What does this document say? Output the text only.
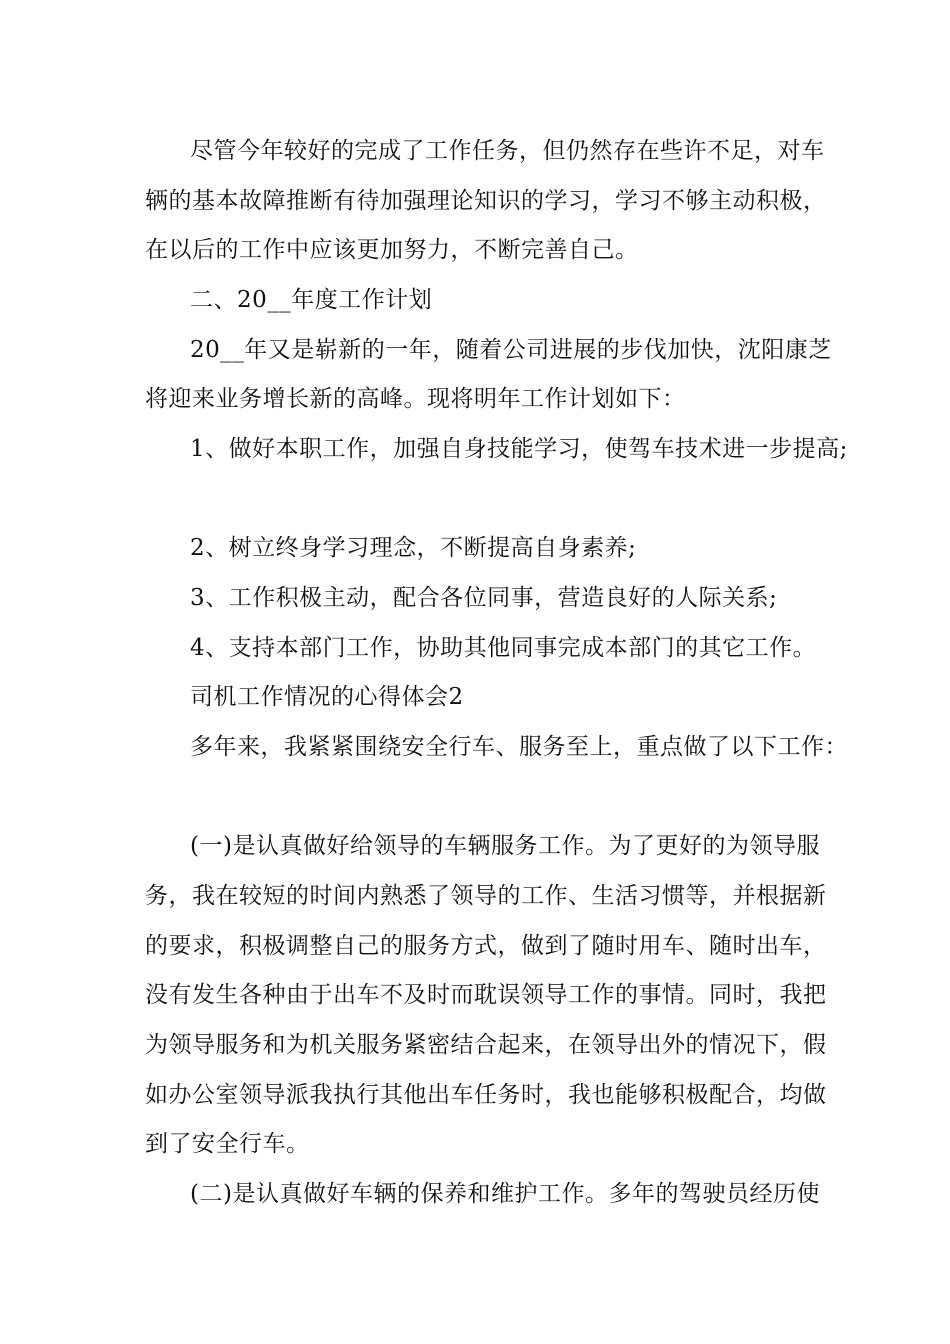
尽管今年较好的完成了工作任务，但仍然存在些许不足，对车
辆的基本故障推断有待加强理论知识的学习，学习不够主动积极，
在以后的工作中应该更加努力，不断完善自己。
二、20__年度工作计划
20__年又是崭新的一年，随着公司进展的步伐加快，沈阳康芝
将迎来业务增长新的高峰。现将明年工作计划如下：
1、做好本职工作，加强自身技能学习，使驾车技术进一步提高;
2、树立终身学习理念，不断提高自身素养;
3、工作积极主动，配合各位同事，营造良好的人际关系;
4、支持本部门工作，协助其他同事完成本部门的其它工作。
司机工作情况的心得体会2
多年来，我紧紧围绕安全行车、服务至上，重点做了以下工作：
(一)是认真做好给领导的车辆服务工作。为了更好的为领导服
务，我在较短的时间内熟悉了领导的工作、生活习惯等，并根据新
的要求，积极调整自己的服务方式，做到了随时用车、随时出车，
没有发生各种由于出车不及时而耽误领导工作的事情。同时，我把
为领导服务和为机关服务紧密结合起来，在领导出外的情况下，假
如办公室领导派我执行其他出车任务时，我也能够积极配合，均做
到了安全行车。
(二)是认真做好车辆的保养和维护工作。多年的驾驶员经历使
